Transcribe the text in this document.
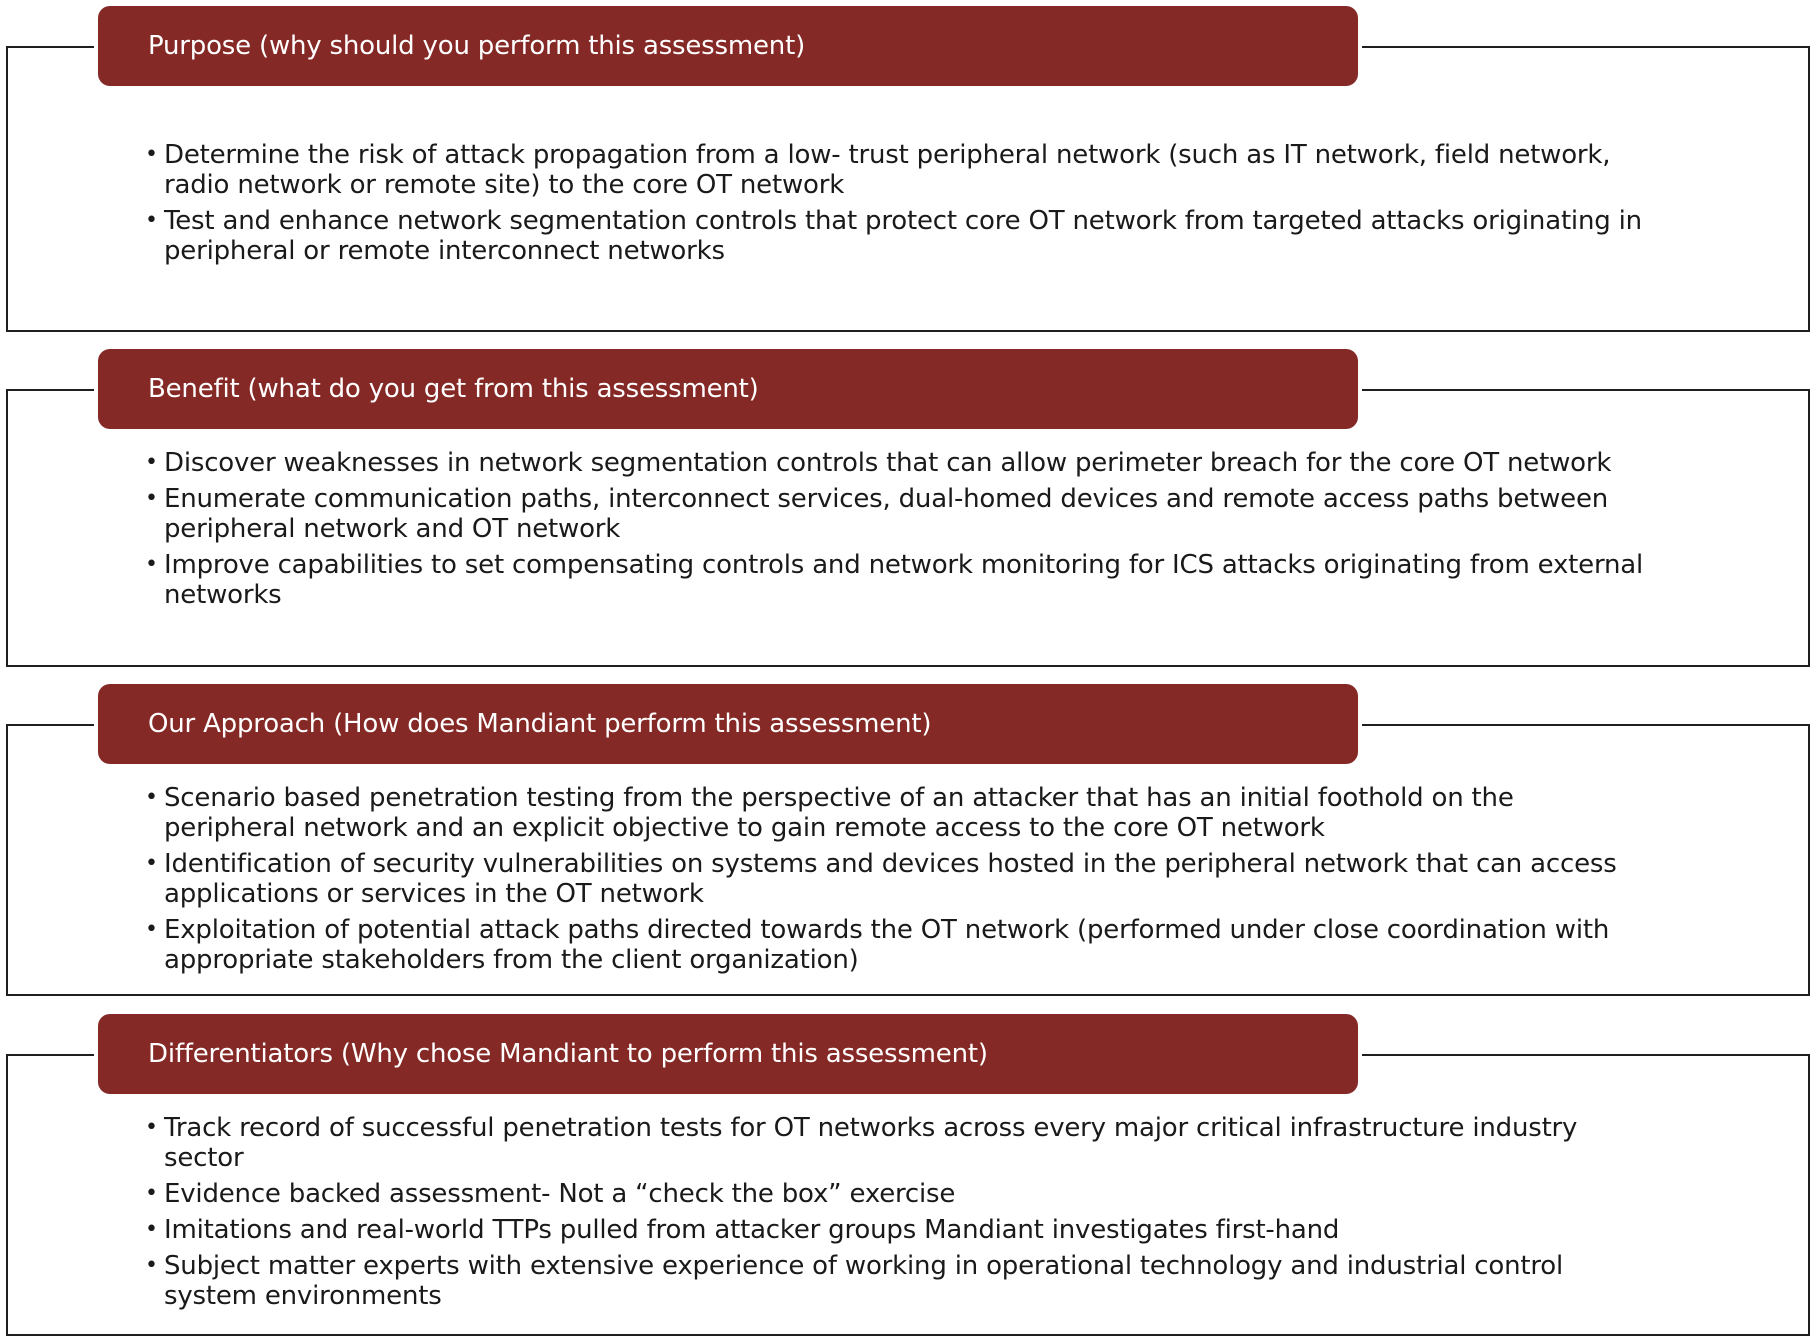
Purpose (why should you perform this assessment)
• Determine the risk of attack propagation from a low- trust peripheral network (such as IT network, field network, radio network or remote site) to the core OT network
• Test and enhance network segmentation controls that protect core OT network from targeted attacks originating in peripheral or remote interconnect networks
Benefit (what do you get from this assessment)
• Discover weaknesses in network segmentation controls that can allow perimeter breach for the core OT network
• Enumerate communication paths, interconnect services, dual-homed devices and remote access paths between peripheral network and OT network
• Improve capabilities to set compensating controls and network monitoring for ICS attacks originating from external networks
Our Approach (How does Mandiant perform this assessment)
• Scenario based penetration testing from the perspective of an attacker that has an initial foothold on the peripheral network and an explicit objective to gain remote access to the core OT network
• Identification of security vulnerabilities on systems and devices hosted in the peripheral network that can access applications or services in the OT network
• Exploitation of potential attack paths directed towards the OT network (performed under close coordination with appropriate stakeholders from the client organization)
Differentiators (Why chose Mandiant to perform this assessment)
• Track record of successful penetration tests for OT networks across every major critical infrastructure industry sector
• Evidence backed assessment- Not a “check the box” exercise
• Imitations and real-world TTPs pulled from attacker groups Mandiant investigates first-hand
• Subject matter experts with extensive experience of working in operational technology and industrial control system environments
